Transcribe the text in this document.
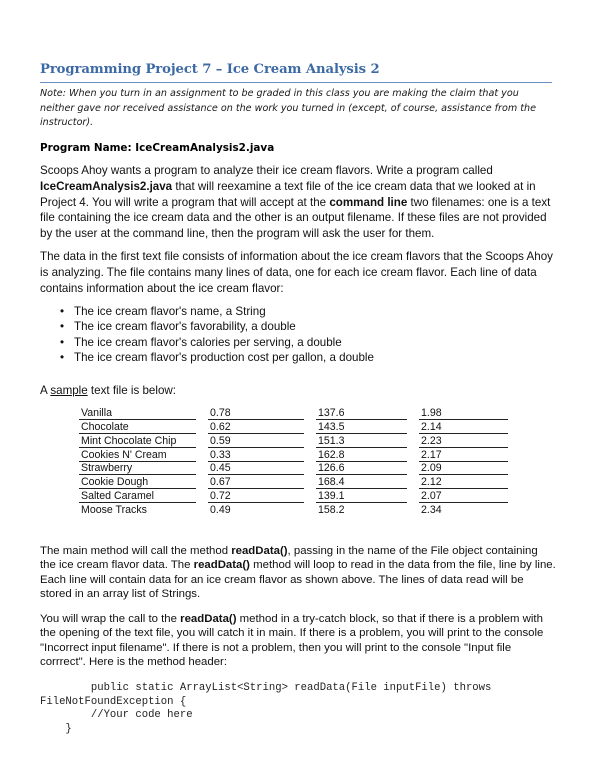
Programming Project 7 – Ice Cream Analysis 2
Note: When you turn in an assignment to be graded in this class you are making the claim that you neither gave nor received assistance on the work you turned in (except, of course, assistance from the instructor).
Program Name: IceCreamAnalysis2.java
Scoops Ahoy wants a program to analyze their ice cream flavors. Write a program called IceCreamAnalysis2.java that will reexamine a text file of the ice cream data that we looked at in Project 4. You will write a program that will accept at the command line two filenames: one is a text file containing the ice cream data and the other is an output filename. If these files are not provided by the user at the command line, then the program will ask the user for them.
The data in the first text file consists of information about the ice cream flavors that the Scoops Ahoy is analyzing. The file contains many lines of data, one for each ice cream flavor. Each line of data contains information about the ice cream flavor:
• The ice cream flavor's name, a String
• The ice cream flavor's favorability, a double
• The ice cream flavor's calories per serving, a double
• The ice cream flavor's production cost per gallon, a double
A sample text file is below:
Vanilla		0.78		137.6		1.98
Chocolate		0.62		143.5		2.14
Mint Chocolate Chip		0.59		151.3		2.23
Cookies N' Cream		0.33		162.8		2.17
Strawberry		0.45		126.6		2.09
Cookie Dough		0.67		168.4		2.12
Salted Caramel		0.72		139.1		2.07
Moose Tracks		0.49		158.2		2.34
The main method will call the method readData(), passing in the name of the File object containing the ice cream flavor data. The readData() method will loop to read in the data from the file, line by line. Each line will contain data for an ice cream flavor as shown above. The lines of data read will be stored in an array list of Strings.
You will wrap the call to the readData() method in a try-catch block, so that if there is a problem with the opening of the text file, you will catch it in main. If there is a problem, you will print to the console "Incorrect input filename". If there is not a problem, then you will print to the console "Input file corrrect". Here is the method header:
public static ArrayList<String> readData(File inputFile) throws
FileNotFoundException {
//Your code here
}
